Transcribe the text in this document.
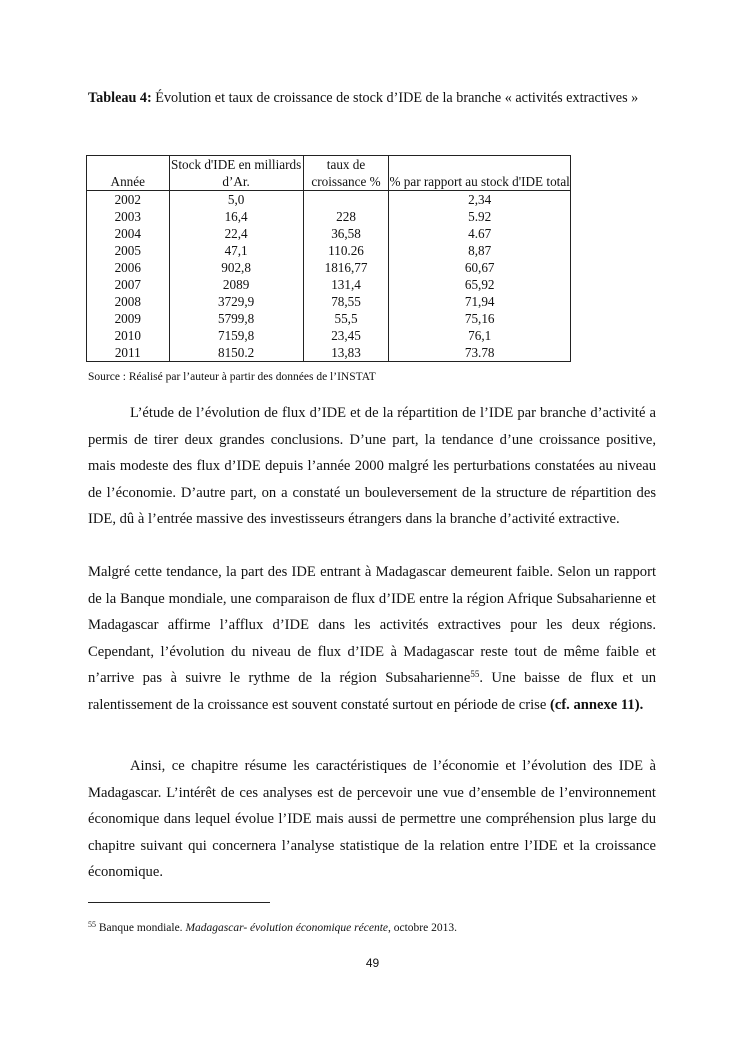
Tableau 4: Évolution et taux de croissance de stock d’IDE de la branche « activités extractives »
Année	Stock d'IDE en milliards d’Ar.	taux de croissance %	% par rapport au stock d'IDE total
2002	5,0		2,34
2003	16,4	228	5.92
2004	22,4	36,58	4.67
2005	47,1	110.26	8,87
2006	902,8	1816,77	60,67
2007	2089	131,4	65,92
2008	3729,9	78,55	71,94
2009	5799,8	55,5	75,16
2010	7159,8	23,45	76,1
2011	8150.2	13,83	73.78
Source : Réalisé par l’auteur à partir des données de l’INSTAT

L’étude de l’évolution de flux d’IDE et de la répartition de l’IDE par branche d’activité a permis de tirer deux grandes conclusions. D’une part, la tendance d’une croissance positive, mais modeste des flux d’IDE depuis l’année 2000 malgré les perturbations constatées au niveau de l’économie. D’autre part, on a constaté un bouleversement de la structure de répartition des IDE, dû à l’entrée massive des investisseurs étrangers dans la branche d’activité extractive.

Malgré cette tendance, la part des IDE entrant à Madagascar demeurent faible. Selon un rapport de la Banque mondiale, une comparaison de flux d’IDE entre la région Afrique Subsaharienne et Madagascar affirme l’afflux d’IDE dans les activités extractives pour les deux régions. Cependant, l’évolution du niveau de flux d’IDE à Madagascar reste tout de même faible et n’arrive pas à suivre le rythme de la région Subsaharienne$^{55}$. Une baisse de flux et un ralentissement de la croissance est souvent constaté surtout en période de crise (cf. annexe 11).

Ainsi, ce chapitre résume les caractéristiques de l’économie et l’évolution des IDE à Madagascar. L’intérêt de ces analyses est de percevoir une vue d’ensemble de l’environnement économique dans lequel évolue l’IDE mais aussi de permettre une compréhension plus large du chapitre suivant qui concernera l’analyse statistique de la relation entre l’IDE et la croissance économique.

$^{55}$ Banque mondiale. Madagascar- évolution économique récente, octobre 2013.
49
